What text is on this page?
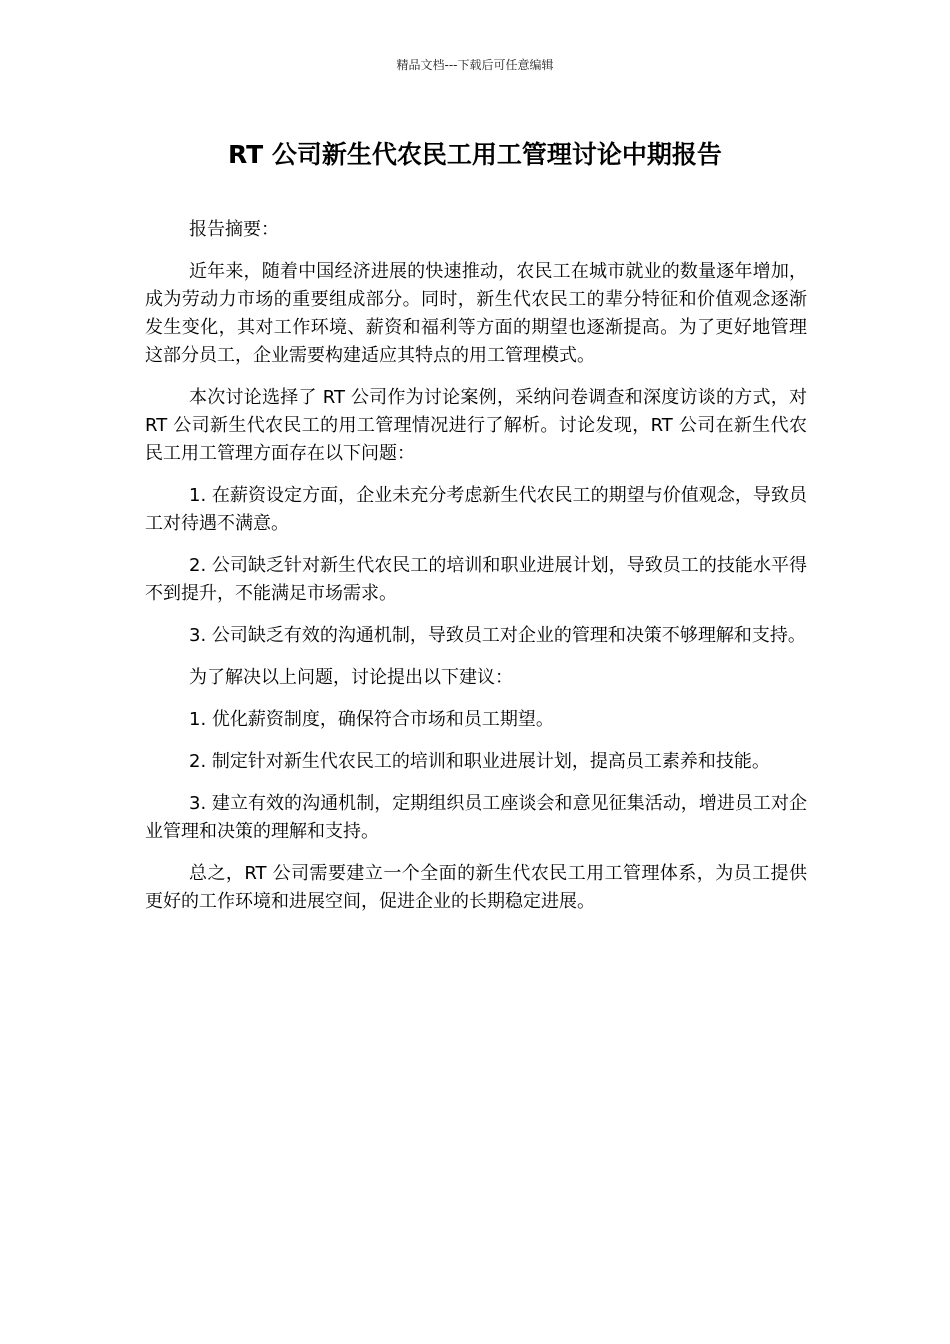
精品文档---下载后可任意编辑
RT 公司新生代农民工用工管理讨论中期报告

报告摘要：

近年来，随着中国经济进展的快速推动，农民工在城市就业的数量逐年增加，成为劳动力市场的重要组成部分。同时，新生代农民工的辈分特征和价值观念逐渐发生变化，其对工作环境、薪资和福利等方面的期望也逐渐提高。为了更好地管理这部分员工，企业需要构建适应其特点的用工管理模式。

本次讨论选择了 RT 公司作为讨论案例，采纳问卷调查和深度访谈的方式，对 RT 公司新生代农民工的用工管理情况进行了解析。讨论发现，RT 公司在新生代农民工用工管理方面存在以下问题：

1. 在薪资设定方面，企业未充分考虑新生代农民工的期望与价值观念，导致员工对待遇不满意。

2. 公司缺乏针对新生代农民工的培训和职业进展计划，导致员工的技能水平得不到提升，不能满足市场需求。

3. 公司缺乏有效的沟通机制，导致员工对企业的管理和决策不够理解和支持。

为了解决以上问题，讨论提出以下建议：

1. 优化薪资制度，确保符合市场和员工期望。

2. 制定针对新生代农民工的培训和职业进展计划，提高员工素养和技能。

3. 建立有效的沟通机制，定期组织员工座谈会和意见征集活动，增进员工对企业管理和决策的理解和支持。

总之，RT 公司需要建立一个全面的新生代农民工用工管理体系，为员工提供更好的工作环境和进展空间，促进企业的长期稳定进展。
